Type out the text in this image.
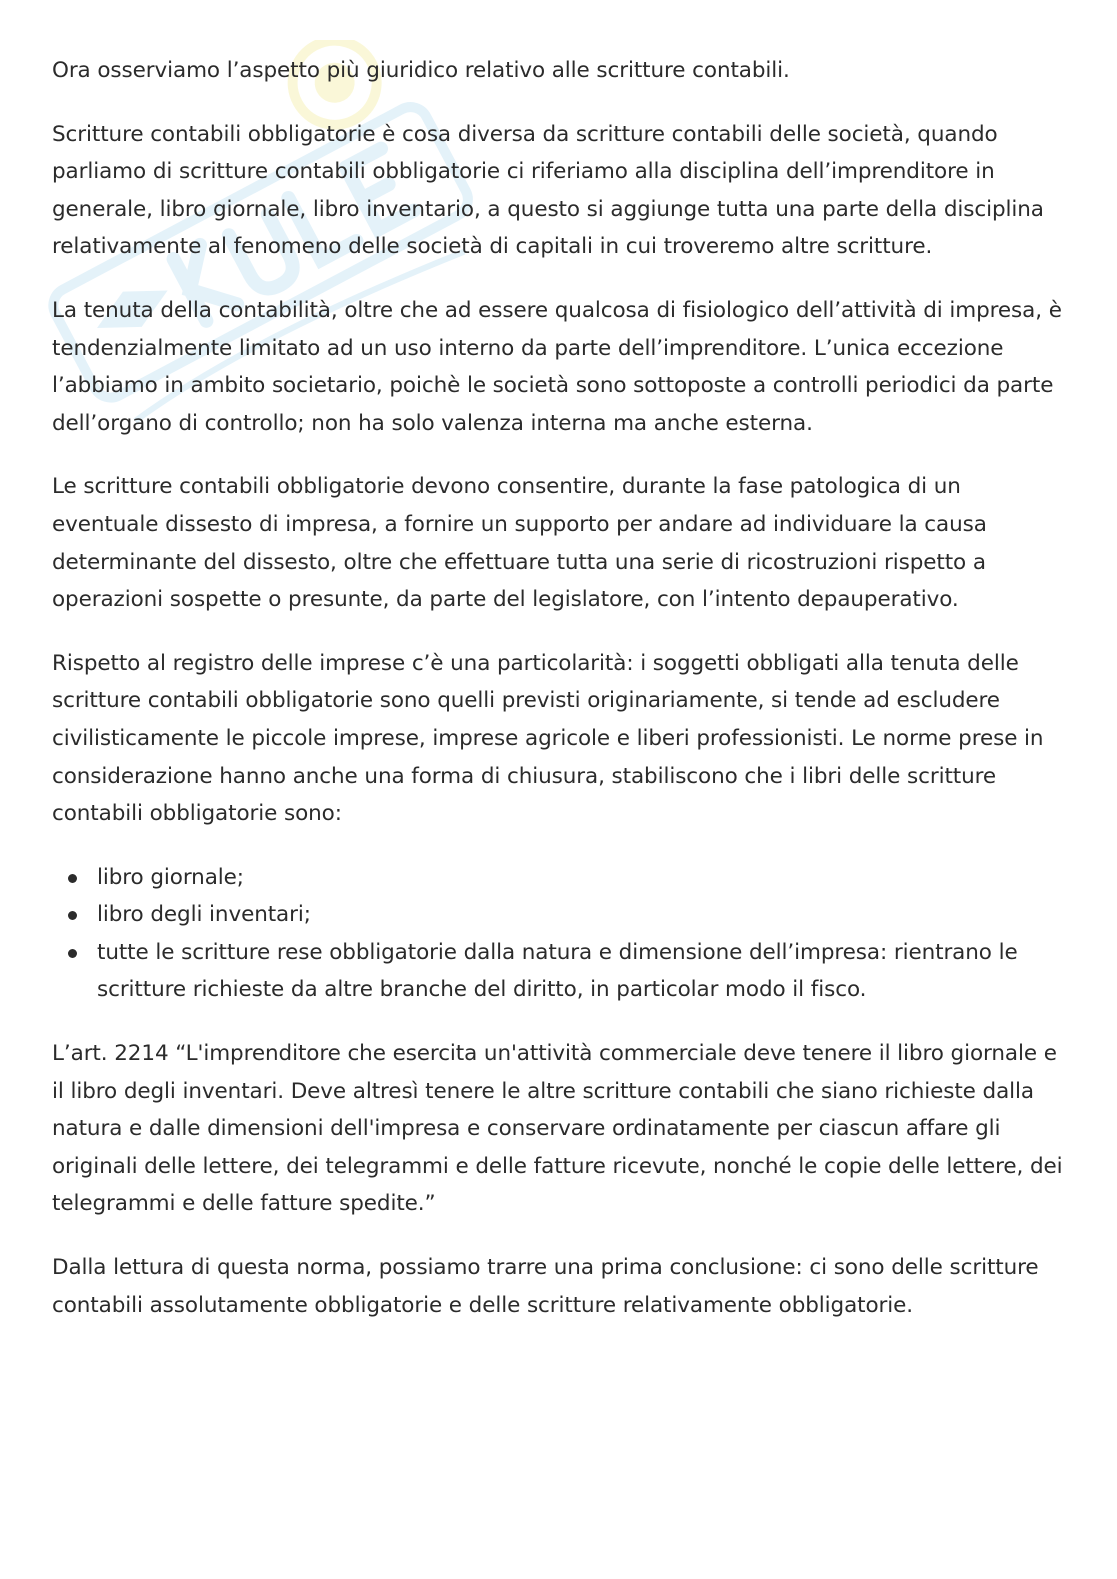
Ora osserviamo l’aspetto più giuridico relativo alle scritture contabili.

Scritture contabili obbligatorie è cosa diversa da scritture contabili delle società, quando parliamo di scritture contabili obbligatorie ci riferiamo alla disciplina dell’imprenditore in generale, libro giornale, libro inventario, a questo si aggiunge tutta una parte della disciplina relativamente al fenomeno delle società di capitali in cui troveremo altre scritture.

La tenuta della contabilità, oltre che ad essere qualcosa di fisiologico dell’attività di impresa, è tendenzialmente limitato ad un uso interno da parte dell’imprenditore. L’unica eccezione l’abbiamo in ambito societario, poichè le società sono sottoposte a controlli periodici da parte dell’organo di controllo; non ha solo valenza interna ma anche esterna.

Le scritture contabili obbligatorie devono consentire, durante la fase patologica di un eventuale dissesto di impresa, a fornire un supporto per andare ad individuare la causa determinante del dissesto, oltre che effettuare tutta una serie di ricostruzioni rispetto a operazioni sospette o presunte, da parte del legislatore, con l’intento depauperativo.

Rispetto al registro delle imprese c’è una particolarità: i soggetti obbligati alla tenuta delle scritture contabili obbligatorie sono quelli previsti originariamente, si tende ad escludere civilisticamente le piccole imprese, imprese agricole e liberi professionisti. Le norme prese in considerazione hanno anche una forma di chiusura, stabiliscono che i libri delle scritture contabili obbligatorie sono:

libro giornale;
libro degli inventari;
tutte le scritture rese obbligatorie dalla natura e dimensione dell’impresa: rientrano le scritture richieste da altre branche del diritto, in particolar modo il fisco.

L’art. 2214 “L'imprenditore che esercita un'attività commerciale deve tenere il libro giornale e il libro degli inventari. Deve altresì tenere le altre scritture contabili che siano richieste dalla natura e dalle dimensioni dell'impresa e conservare ordinatamente per ciascun affare gli originali delle lettere, dei telegrammi e delle fatture ricevute, nonché le copie delle lettere, dei telegrammi e delle fatture spedite.”

Dalla lettura di questa norma, possiamo trarre una prima conclusione: ci sono delle scritture contabili assolutamente obbligatorie e delle scritture relativamente obbligatorie.
